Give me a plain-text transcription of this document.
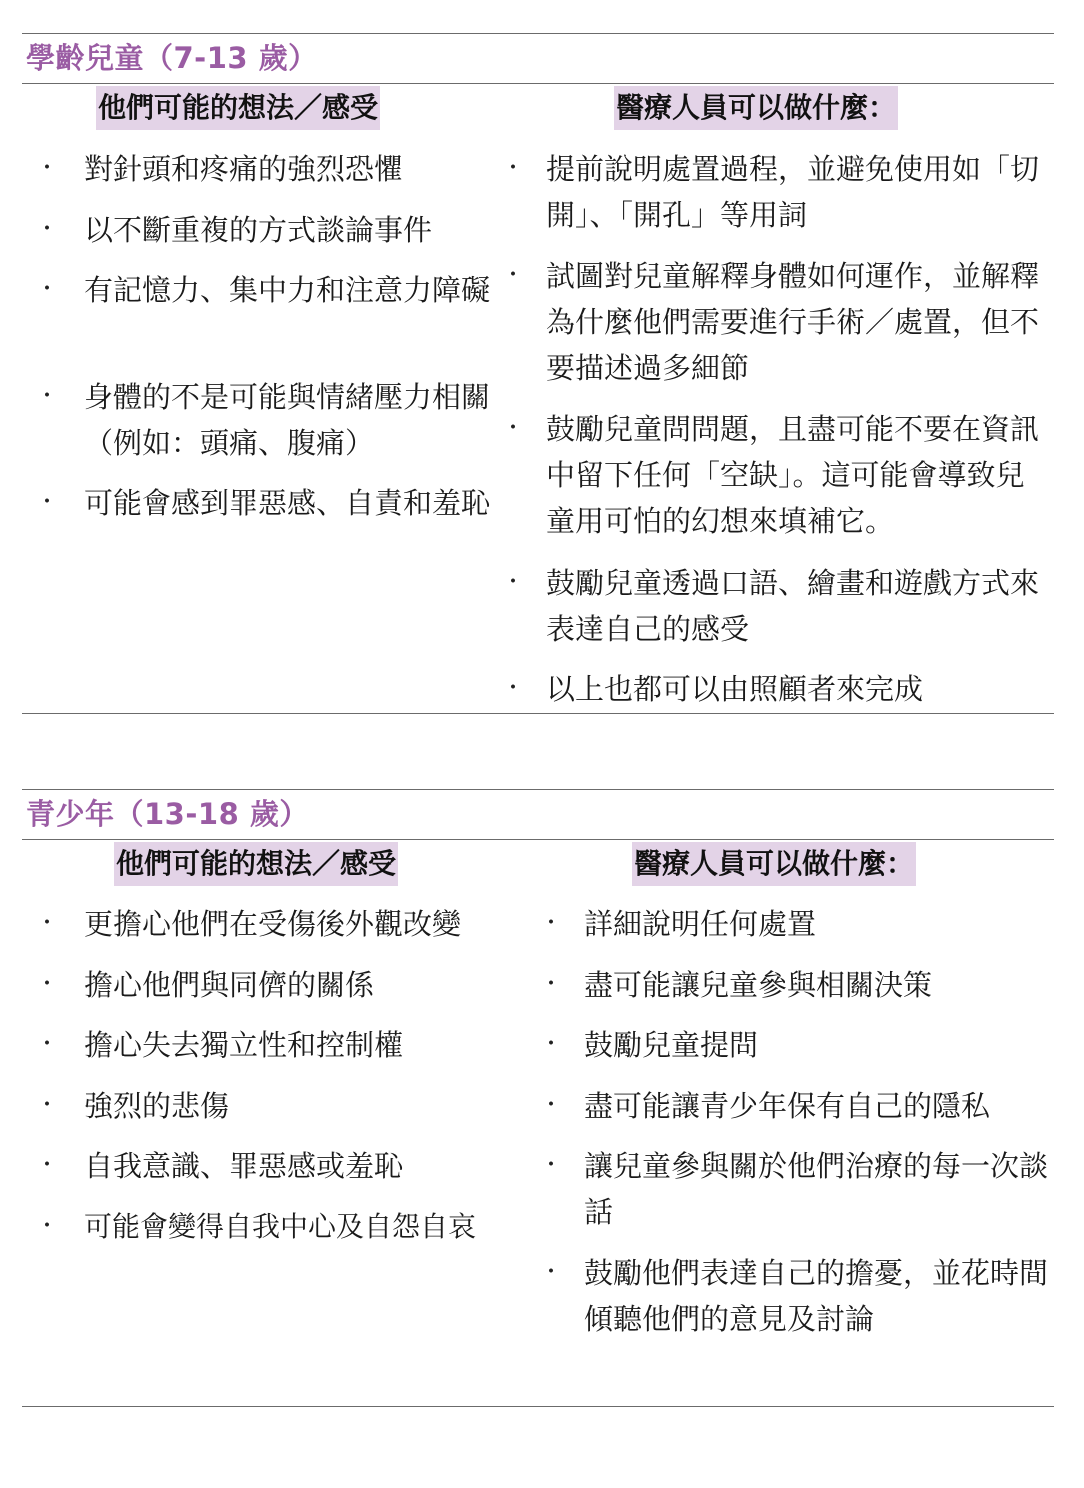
學齡兒童（7-13 歲）
他們可能的想法／感受	醫療人員可以做什麼：
・ 對針頭和疼痛的強烈恐懼
・ 以不斷重複的方式談論事件
・ 有記憶力、集中力和注意力障礙
・ 身體的不是可能與情緒壓力相關（例如：頭痛、腹痛）
・ 可能會感到罪惡感、自責和羞恥
・ 提前說明處置過程，並避免使用如「切開」、「開孔」等用詞
・ 試圖對兒童解釋身體如何運作，並解釋為什麼他們需要進行手術／處置，但不要描述過多細節
・ 鼓勵兒童問問題，且盡可能不要在資訊中留下任何「空缺」。這可能會導致兒童用可怕的幻想來填補它。
・ 鼓勵兒童透過口語、繪畫和遊戲方式來表達自己的感受
・ 以上也都可以由照顧者來完成
青少年（13-18 歲）
他們可能的想法／感受	醫療人員可以做什麼：
・ 更擔心他們在受傷後外觀改變
・ 擔心他們與同儕的關係
・ 擔心失去獨立性和控制權
・ 強烈的悲傷
・ 自我意識、罪惡感或羞恥
・ 可能會變得自我中心及自怨自哀
・ 詳細說明任何處置
・ 盡可能讓兒童參與相關決策
・ 鼓勵兒童提問
・ 盡可能讓青少年保有自己的隱私
・ 讓兒童參與關於他們治療的每一次談話
・ 鼓勵他們表達自己的擔憂，並花時間傾聽他們的意見及討論
